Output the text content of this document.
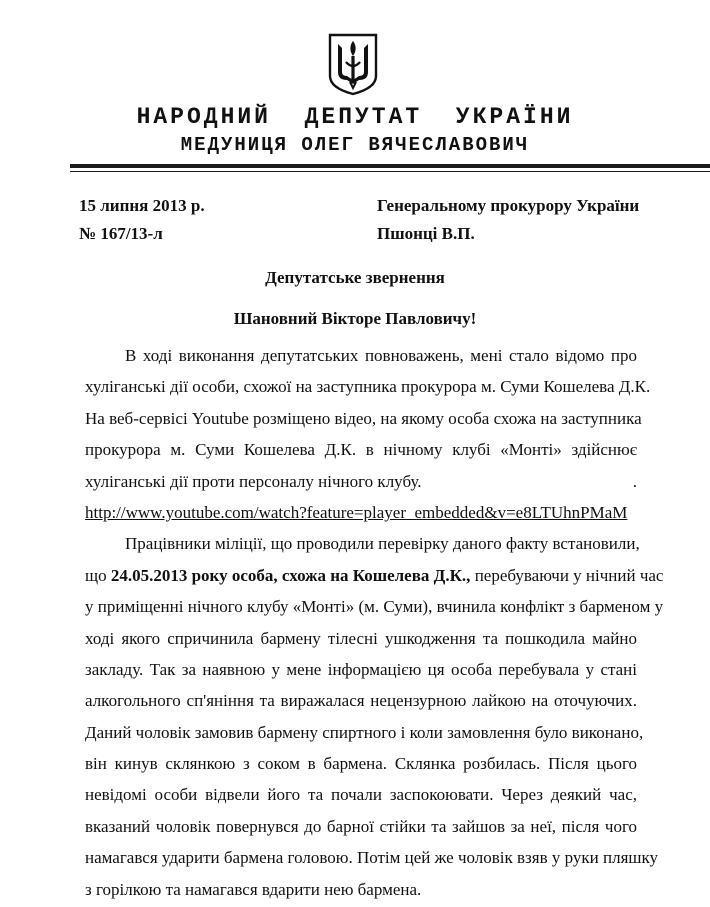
НАРОДНИЙ  ДЕПУТАТ  УКРАЇНИ
МЕДУНИЦЯ ОЛЕГ ВЯЧЕСЛАВОВИЧ
15 липня 2013 р.
№ 167/13-л
Генеральному прокурору України
Пшонці В.П.
Депутатське звернення
Шановний Вікторе Павловичу!
В ході виконання депутатських повноважень, мені стало відомо про
хуліганські дії особи, схожої на заступника прокурора м. Суми Кошелева Д.К.
На веб-сервісі Youtube розміщено відео, на якому особа схожа на заступника
прокурора м. Суми Кошелева Д.К. в нічному клубі «Монті» здійснює
хуліганські дії проти персоналу нічного клубу.	.
http://www.youtube.com/watch?feature=player_embedded&v=e8LTUhnPMaM
Працівники міліції, що проводили перевірку даного факту встановили,
що 24.05.2013 року особа, схожа на Кошелева Д.К., перебуваючи у нічний час
у приміщенні нічного клубу «Монті» (м. Суми), вчинила конфлікт з барменом у
ході якого спричинила бармену тілесні ушкодження та пошкодила майно
закладу. Так за наявною у мене інформацією ця особа перебувала у стані
алкогольного сп'яніння та виражалася нецензурною лайкою на оточуючих.
Даний чоловік замовив бармену спиртного і коли замовлення було виконано,
він кинув склянкою з соком в бармена. Склянка розбилась. Після цього
невідомі особи відвели його та почали заспокоювати. Через деякий час,
вказаний чоловік повернувся до барної стійки та зайшов за неї, після чого
намагався ударити бармена головою. Потім цей же чоловік взяв у руки пляшку
з горілкою та намагався вдарити нею бармена.
